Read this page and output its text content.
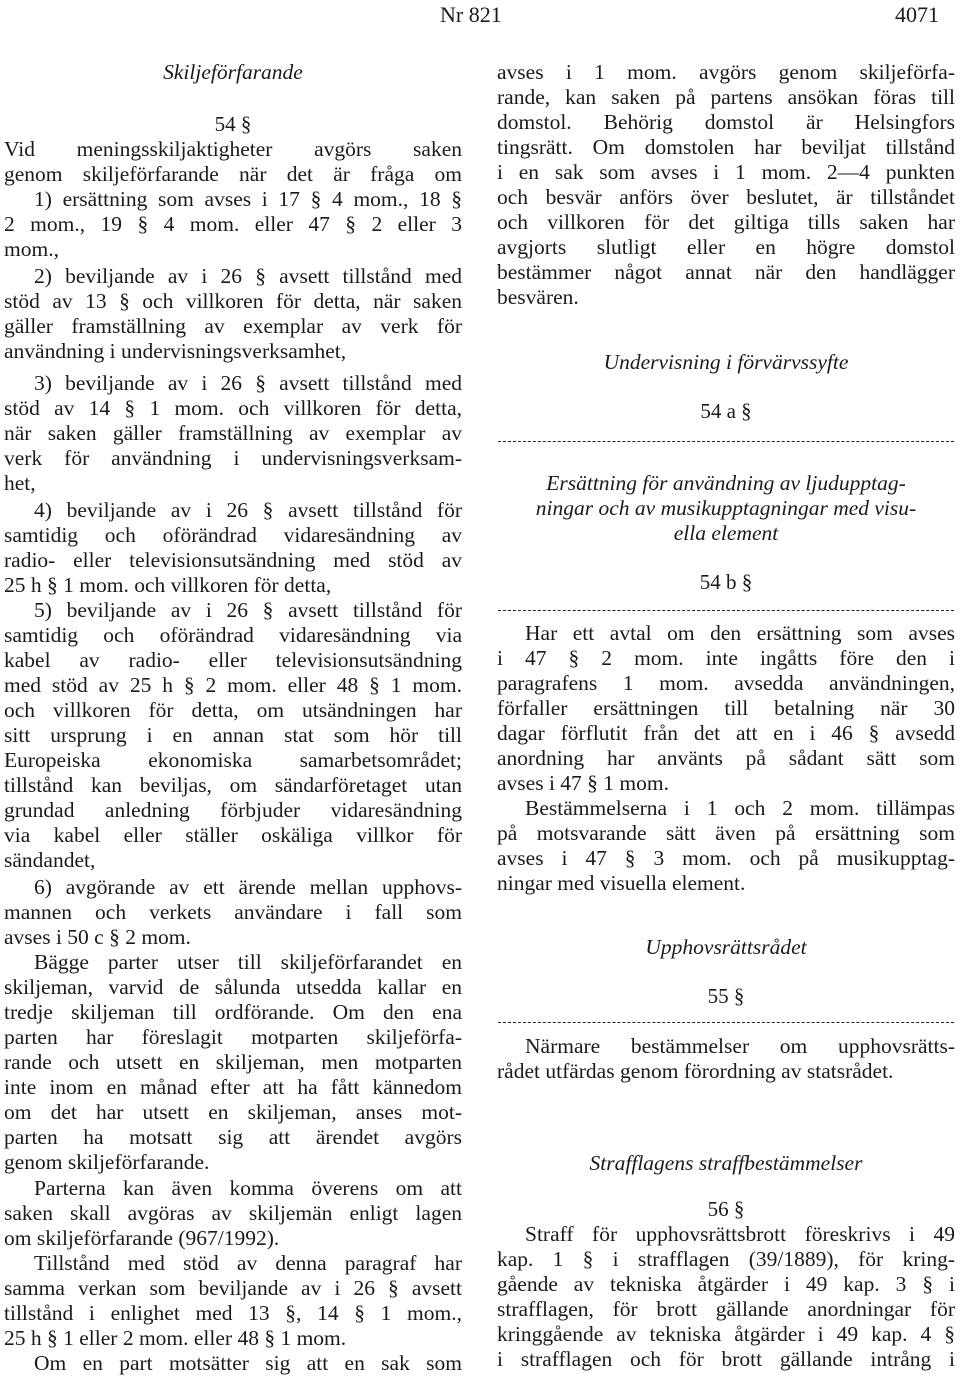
Nr 821	4071
Skiljeförfarande
54 §
Vid meningsskiljaktigheter avgörs saken
genom skiljeförfarande när det är fråga om
1) ersättning som avses i 17 § 4 mom., 18 §
2 mom., 19 § 4 mom. eller 47 § 2 eller 3
mom.,
2) beviljande av i 26 § avsett tillstånd med
stöd av 13 § och villkoren för detta, när saken
gäller framställning av exemplar av verk för
användning i undervisningsverksamhet,
3) beviljande av i 26 § avsett tillstånd med
stöd av 14 § 1 mom. och villkoren för detta,
när saken gäller framställning av exemplar av
verk för användning i undervisningsverksam-
het,
4) beviljande av i 26 § avsett tillstånd för
samtidig och oförändrad vidaresändning av
radio- eller televisionsutsändning med stöd av
25 h § 1 mom. och villkoren för detta,
5) beviljande av i 26 § avsett tillstånd för
samtidig och oförändrad vidaresändning via
kabel av radio- eller televisionsutsändning
med stöd av 25 h § 2 mom. eller 48 § 1 mom.
och villkoren för detta, om utsändningen har
sitt ursprung i en annan stat som hör till
Europeiska ekonomiska samarbetsområdet;
tillstånd kan beviljas, om sändarföretaget utan
grundad anledning förbjuder vidaresändning
via kabel eller ställer oskäliga villkor för
sändandet,
6) avgörande av ett ärende mellan upphovs-
mannen och verkets användare i fall som
avses i 50 c § 2 mom.
Bägge parter utser till skiljeförfarandet en
skiljeman, varvid de sålunda utsedda kallar en
tredje skiljeman till ordförande. Om den ena
parten har föreslagit motparten skiljeförfa-
rande och utsett en skiljeman, men motparten
inte inom en månad efter att ha fått kännedom
om det har utsett en skiljeman, anses mot-
parten ha motsatt sig att ärendet avgörs
genom skiljeförfarande.
Parterna kan även komma överens om att
saken skall avgöras av skiljemän enligt lagen
om skiljeförfarande (967/1992).
Tillstånd med stöd av denna paragraf har
samma verkan som beviljande av i 26 § avsett
tillstånd i enlighet med 13 §, 14 § 1 mom.,
25 h § 1 eller 2 mom. eller 48 § 1 mom.
Om en part motsätter sig att en sak som
avses i 1 mom. avgörs genom skiljeförfa-
rande, kan saken på partens ansökan föras till
domstol. Behörig domstol är Helsingfors
tingsrätt. Om domstolen har beviljat tillstånd
i en sak som avses i 1 mom. 2—4 punkten
och besvär anförs över beslutet, är tillståndet
och villkoren för det giltiga tills saken har
avgjorts slutligt eller en högre domstol
bestämmer något annat när den handlägger
besvären.
Undervisning i förvärvssyfte
54 a §
Ersättning för användning av ljudupptag-
ningar och av musikupptagningar med visu-
ella element
54 b §
Har ett avtal om den ersättning som avses
i 47 § 2 mom. inte ingåtts före den i
paragrafens 1 mom. avsedda användningen,
förfaller ersättningen till betalning när 30
dagar förflutit från det att en i 46 § avsedd
anordning har använts på sådant sätt som
avses i 47 § 1 mom.
Bestämmelserna i 1 och 2 mom. tillämpas
på motsvarande sätt även på ersättning som
avses i 47 § 3 mom. och på musikupptag-
ningar med visuella element.
Upphovsrättsrådet
55 §
Närmare bestämmelser om upphovsrätts-
rådet utfärdas genom förordning av statsrådet.
Strafflagens straffbestämmelser
56 §
Straff för upphovsrättsbrott föreskrivs i 49
kap. 1 § i strafflagen (39/1889), för kring-
gående av tekniska åtgärder i 49 kap. 3 § i
strafflagen, för brott gällande anordningar för
kringgående av tekniska åtgärder i 49 kap. 4 §
i strafflagen och för brott gällande intrång i
